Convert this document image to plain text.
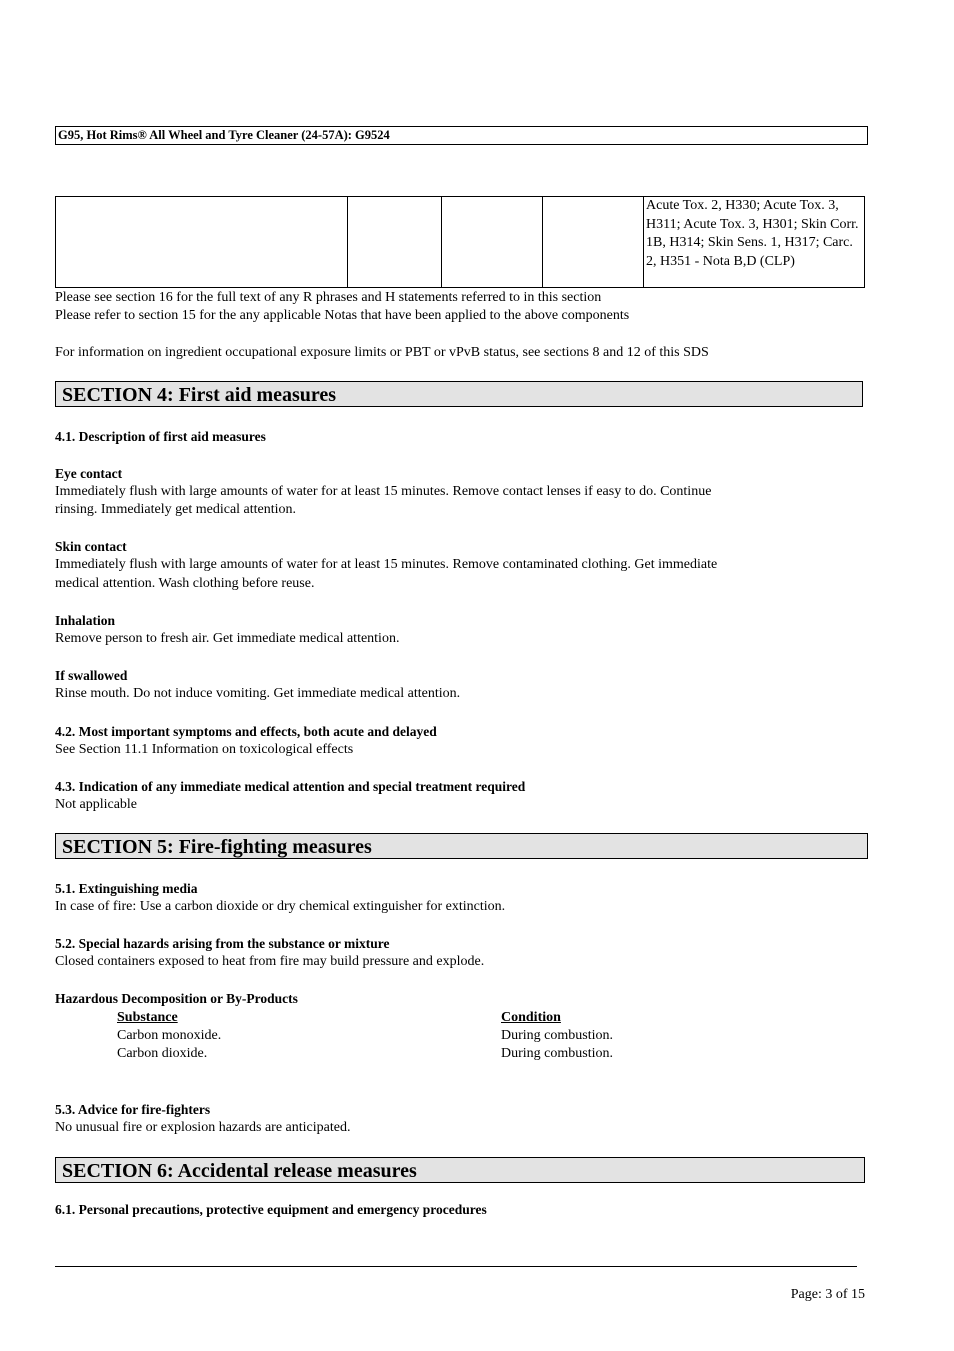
G95, Hot Rims® All Wheel and Tyre Cleaner (24-57A): G9524
				Acute Tox. 2, H330; Acute Tox. 3, H311; Acute Tox. 3, H301; Skin Corr. 1B, H314; Skin Sens. 1, H317; Carc. 2, H351 - Nota B,D (CLP)
Please see section 16 for the full text of any R phrases and H statements referred to in this section
Please refer to section 15 for the any applicable Notas that have been applied to the above components
For information on ingredient occupational exposure limits or PBT or vPvB status, see sections 8 and 12 of this SDS
SECTION 4: First aid measures
4.1. Description of first aid measures
Eye contact
Immediately flush with large amounts of water for at least 15 minutes. Remove contact lenses if easy to do. Continue
rinsing. Immediately get medical attention.
Skin contact
Immediately flush with large amounts of water for at least 15 minutes. Remove contaminated clothing. Get immediate
medical attention. Wash clothing before reuse.
Inhalation
Remove person to fresh air. Get immediate medical attention.
If swallowed
Rinse mouth. Do not induce vomiting. Get immediate medical attention.
4.2. Most important symptoms and effects, both acute and delayed
See Section 11.1 Information on toxicological effects
4.3. Indication of any immediate medical attention and special treatment required
Not applicable
SECTION 5: Fire-fighting measures
5.1. Extinguishing media
In case of fire: Use a carbon dioxide or dry chemical extinguisher for extinction.
5.2. Special hazards arising from the substance or mixture
Closed containers exposed to heat from fire may build pressure and explode.
Hazardous Decomposition or By-Products
Substance	Condition
Carbon monoxide.	During combustion.
Carbon dioxide.	During combustion.
5.3. Advice for fire-fighters
No unusual fire or explosion hazards are anticipated.
SECTION 6: Accidental release measures
6.1. Personal precautions, protective equipment and emergency procedures
Page: 3 of 15
